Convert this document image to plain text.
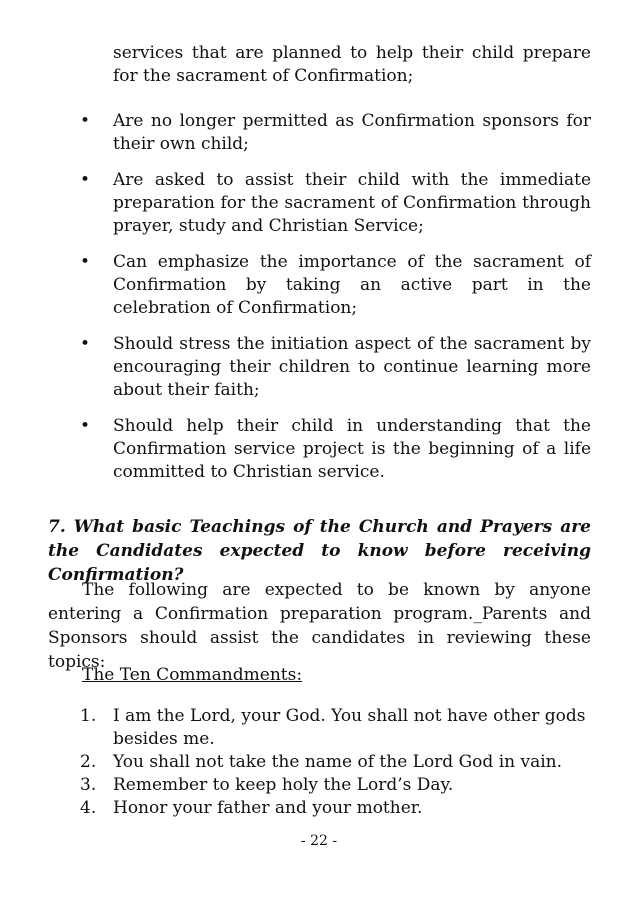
services that are planned to help their child prepare for the sacrament of Confirmation;

•	Are no longer permitted as Confirmation sponsors for their own child;
•	Are asked to assist their child with the immediate preparation for the sacrament of Confirmation through prayer, study and Christian Service;
•	Can emphasize the importance of the sacrament of Confirmation by taking an active part in the celebration of Confirmation;
•	Should stress the initiation aspect of the sacrament by encouraging their children to continue learning more about their faith;
•	Should help their child in understanding that the Confirmation service project is the beginning of a life committed to Christian service.

7. What basic Teachings of the Church and Prayers are the Candidates expected to know before receiving Confirmation?

The following are expected to be known by anyone entering a Confirmation preparation program._Parents and Sponsors should assist the candidates in reviewing these topics:

The Ten Commandments:

1. I am the Lord, your God. You shall not have other gods besides me.
2. You shall not take the name of the Lord God in vain.
3. Remember to keep holy the Lord’s Day.
4. Honor your father and your mother.

- 22 -
